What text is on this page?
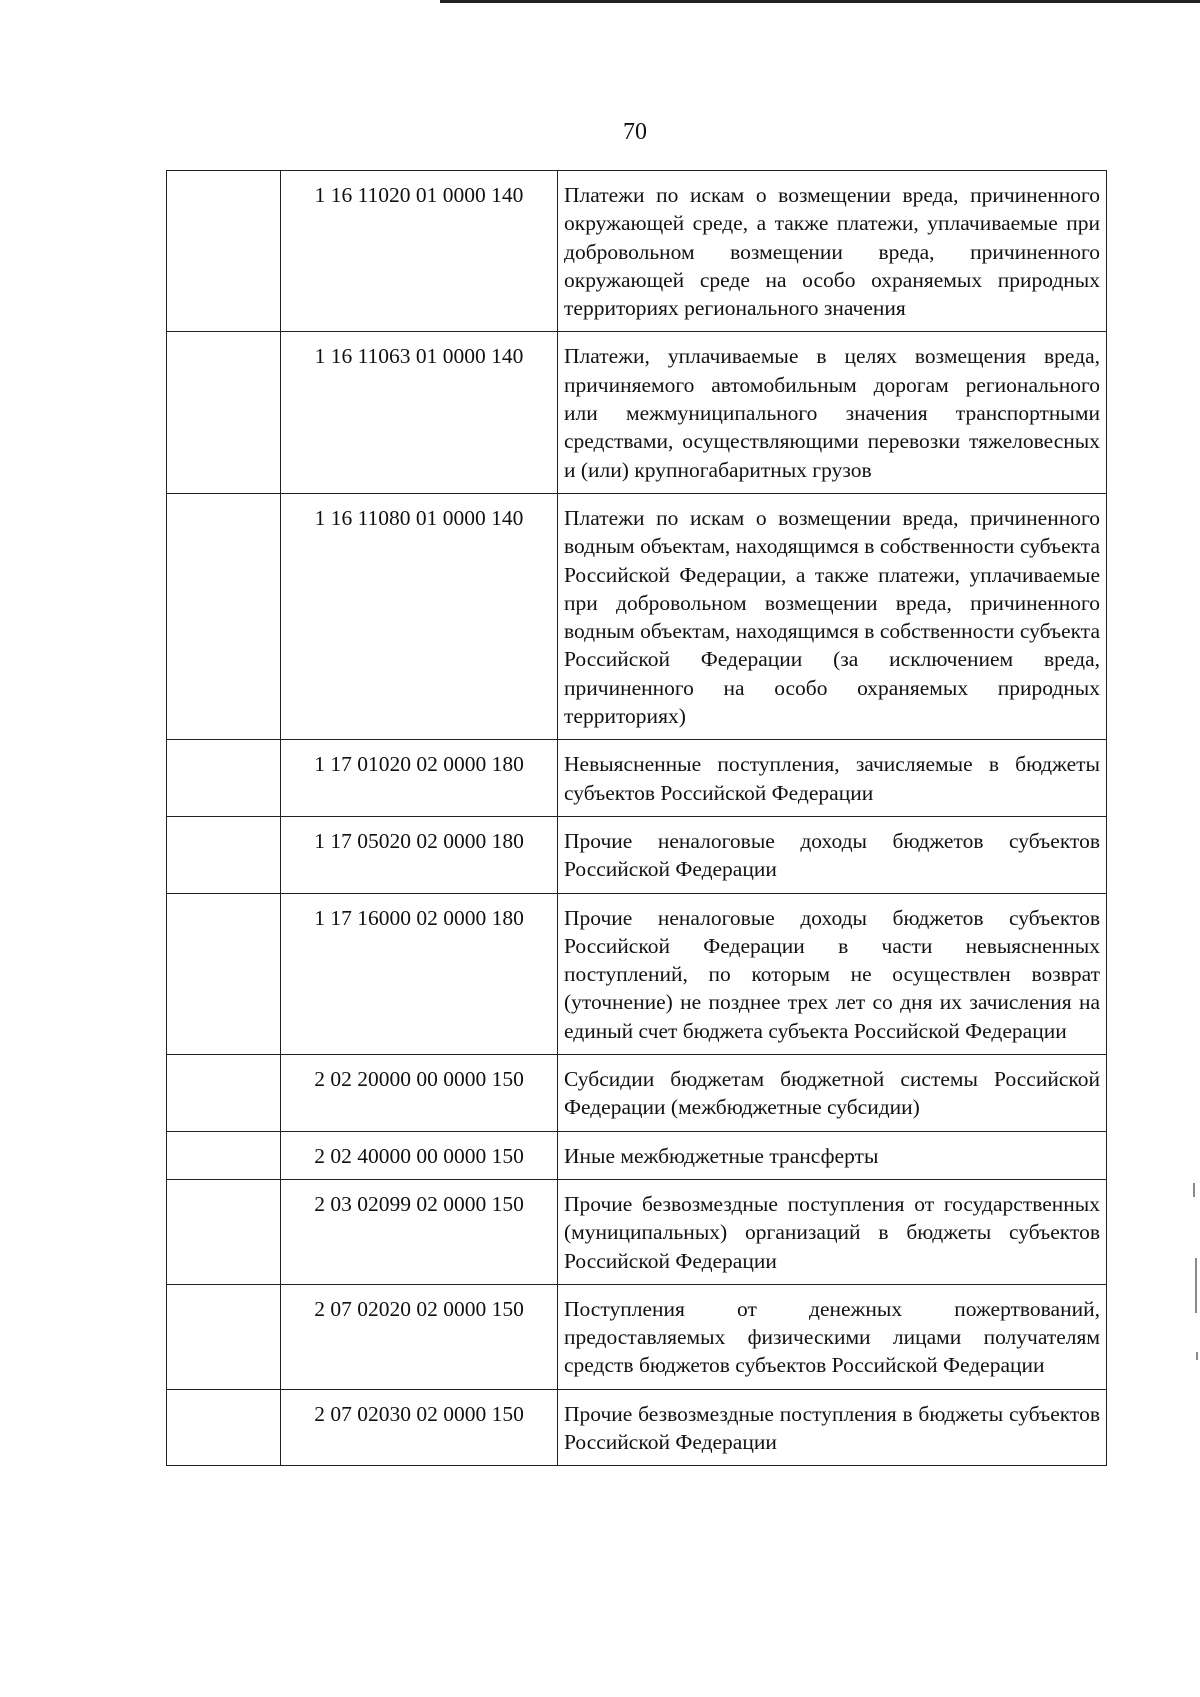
70
	1 16 11020 01 0000 140	Платежи по искам о возмещении вреда, причиненного окружающей среде, а также платежи, уплачиваемые при добровольном возмещении вреда, причиненного окружающей среде на особо охраняемых природных территориях регионального значения
	1 16 11063 01 0000 140	Платежи, уплачиваемые в целях возмещения вреда, причиняемого автомобильным дорогам регионального или межмуниципального значения транспортными средствами, осуществляющими перевозки тяжеловесных и (или) крупногабаритных грузов
	1 16 11080 01 0000 140	Платежи по искам о возмещении вреда, причиненного водным объектам, находящимся в собственности субъекта Российской Федерации, а также платежи, уплачиваемые при добровольном возмещении вреда, причиненного водным объектам, находящимся в собственности субъекта Российской Федерации (за исключением вреда, причиненного на особо охраняемых природных территориях)
	1 17 01020 02 0000 180	Невыясненные поступления, зачисляемые в бюджеты субъектов Российской Федерации
	1 17 05020 02 0000 180	Прочие неналоговые доходы бюджетов субъектов Российской Федерации
	1 17 16000 02 0000 180	Прочие неналоговые доходы бюджетов субъектов Российской Федерации в части невыясненных поступлений, по которым не осуществлен возврат (уточнение) не позднее трех лет со дня их зачисления на единый счет бюджета субъекта Российской Федерации
	2 02 20000 00 0000 150	Субсидии бюджетам бюджетной системы Российской Федерации (межбюджетные субсидии)
	2 02 40000 00 0000 150	Иные межбюджетные трансферты
	2 03 02099 02 0000 150	Прочие безвозмездные поступления от государственных (муниципальных) организаций в бюджеты субъектов Российской Федерации
	2 07 02020 02 0000 150	Поступления от денежных пожертвований, предоставляемых физическими лицами получателям средств бюджетов субъектов Российской Федерации
	2 07 02030 02 0000 150	Прочие безвозмездные поступления в бюджеты субъектов Российской Федерации
